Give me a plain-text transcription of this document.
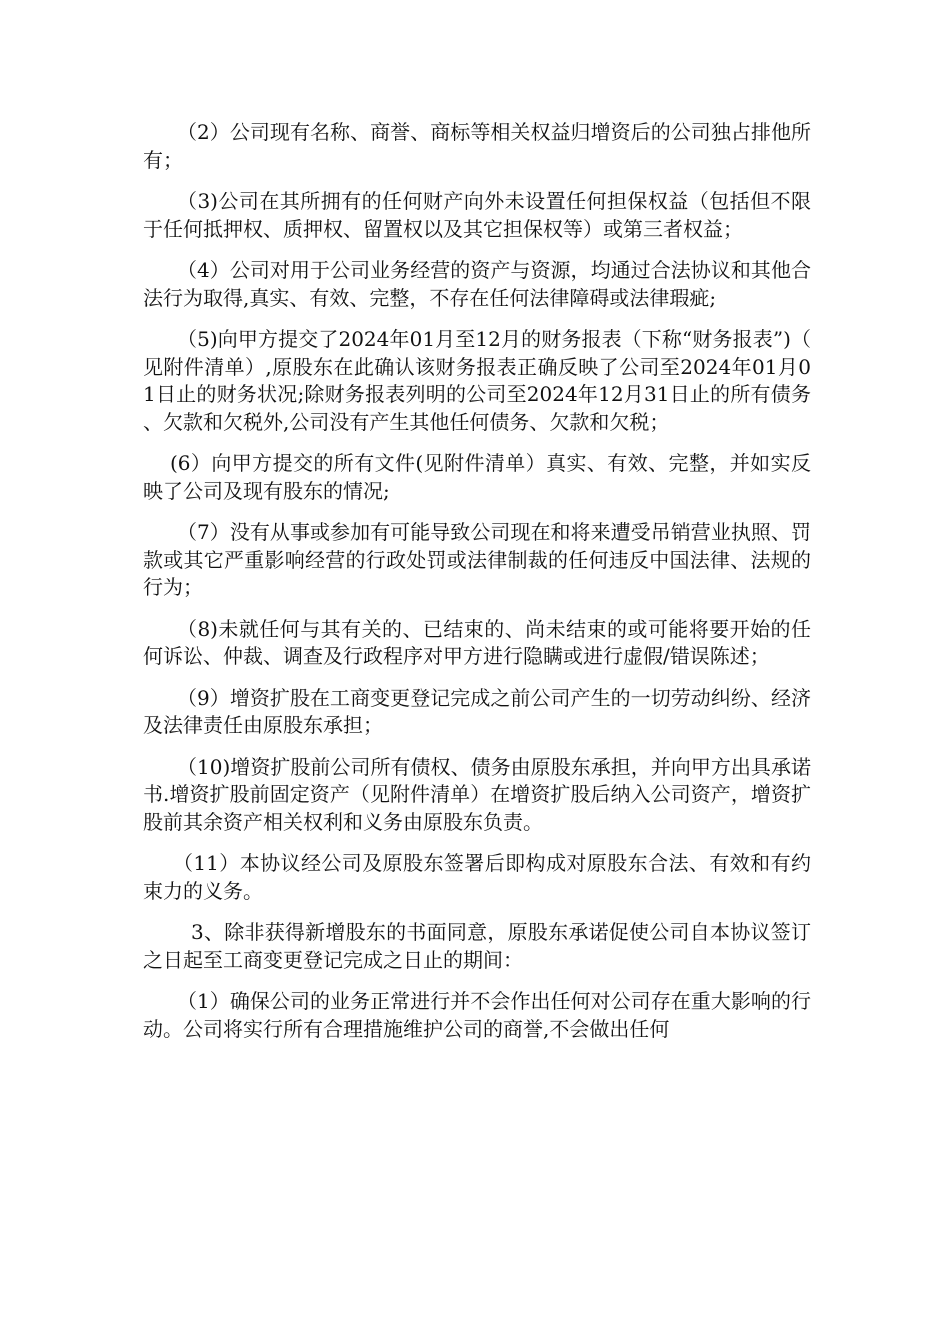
（2）公司现有名称、商誉、商标等相关权益归增资后的公司独占排他所有；

（3)公司在其所拥有的任何财产向外未设置任何担保权益（包括但不限于任何抵押权、质押权、留置权以及其它担保权等）或第三者权益；

（4）公司对用于公司业务经营的资产与资源，均通过合法协议和其他合法行为取得,真实、有效、完整，不存在任何法律障碍或法律瑕疵;

（5)向甲方提交了2024年01月至12月的财务报表（下称“财务报表”)（见附件清单）,原股东在此确认该财务报表正确反映了公司至2024年01月01日止的财务状况;除财务报表列明的公司至2024年12月31日止的所有债务、欠款和欠税外,公司没有产生其他任何债务、欠款和欠税；

(6）向甲方提交的所有文件(见附件清单）真实、有效、完整，并如实反映了公司及现有股东的情况;

（7）没有从事或参加有可能导致公司现在和将来遭受吊销营业执照、罚款或其它严重影响经营的行政处罚或法律制裁的任何违反中国法律、法规的行为；

（8)未就任何与其有关的、已结束的、尚未结束的或可能将要开始的任何诉讼、仲裁、调查及行政程序对甲方进行隐瞒或进行虚假/错误陈述；

（9）增资扩股在工商变更登记完成之前公司产生的一切劳动纠纷、经济及法律责任由原股东承担；

（10)增资扩股前公司所有债权、债务由原股东承担，并向甲方出具承诺书.增资扩股前固定资产（见附件清单）在增资扩股后纳入公司资产，增资扩股前其余资产相关权利和义务由原股东负责。

（11）本协议经公司及原股东签署后即构成对原股东合法、有效和有约束力的义务。

3、除非获得新增股东的书面同意，原股东承诺促使公司自本协议签订之日起至工商变更登记完成之日止的期间：

（1）确保公司的业务正常进行并不会作出任何对公司存在重大影响的行动。公司将实行所有合理措施维护公司的商誉,不会做出任何
